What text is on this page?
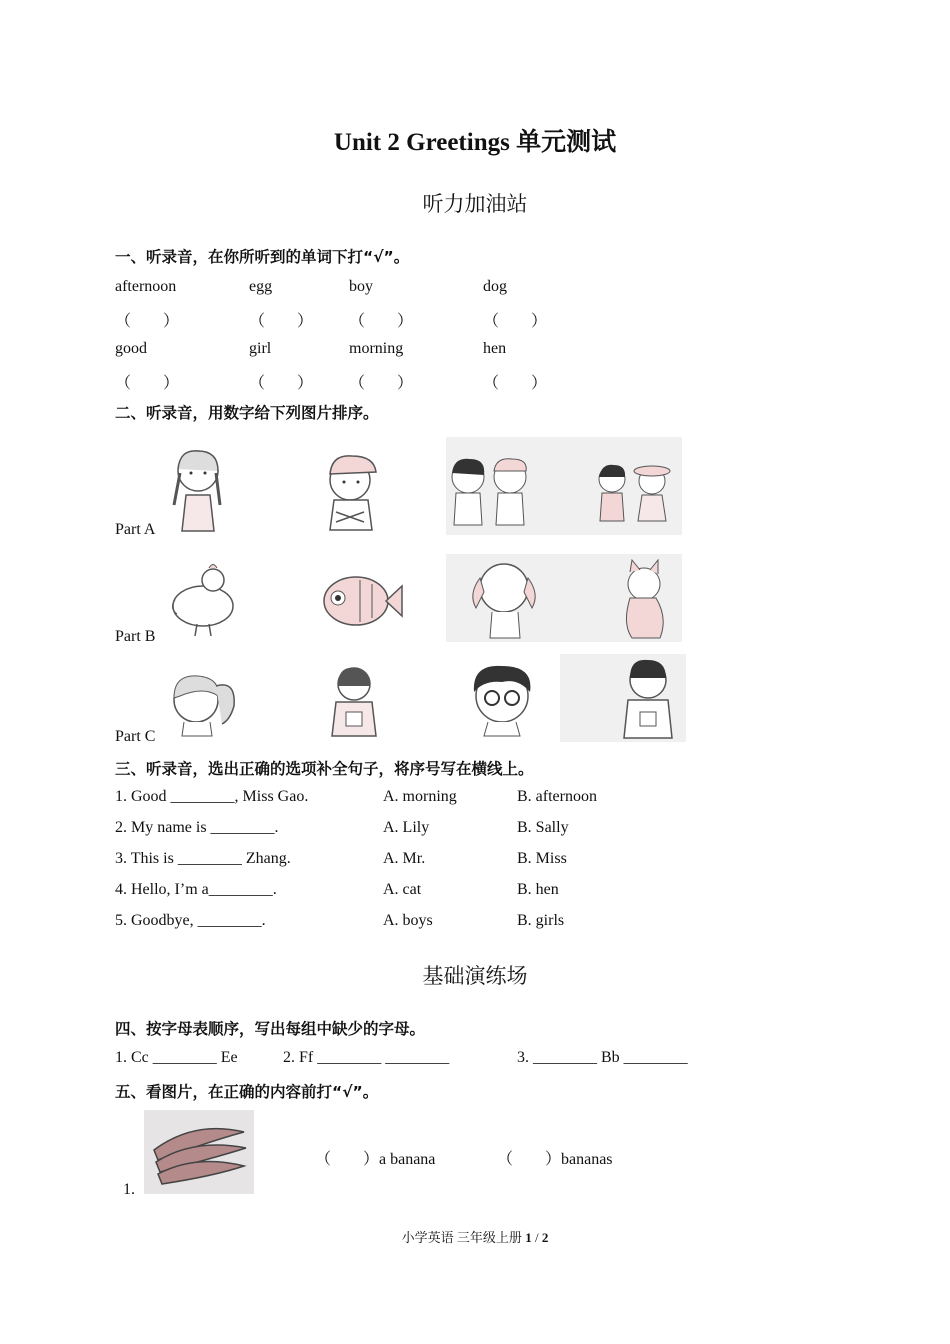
Unit 2 Greetings 单元测试
听力加油站
一、听录音，在你所听到的单词下打“√”。
afternoon	egg	boy	dog
（　　）	（　　） （　　）	（　　）
good	girl	morning	hen
（　　）	（　　） （　　）	（　　）
二、听录音，用数字给下列图片排序。
Part A
Part B
Part C
三、听录音，选出正确的选项补全句子，将序号写在横线上。
1. Good ________, Miss Gao.	A. morning	B. afternoon
2. My name is ________.	A. Lily	B. Sally
3. This is ________ Zhang.	A. Mr.	B. Miss
4. Hello, I’m a________.	A. cat	B. hen
5. Goodbye, ________.	A. boys	B. girls
基础演练场
四、按字母表顺序，写出每组中缺少的字母。
1. Cc ________ Ee	2. Ff ________ ________	3. ________ Bb ________
五、看图片，在正确的内容前打“√”。
1.
（　　）a banana	（　　）bananas
小学英语 三年级上册 1 / 2
